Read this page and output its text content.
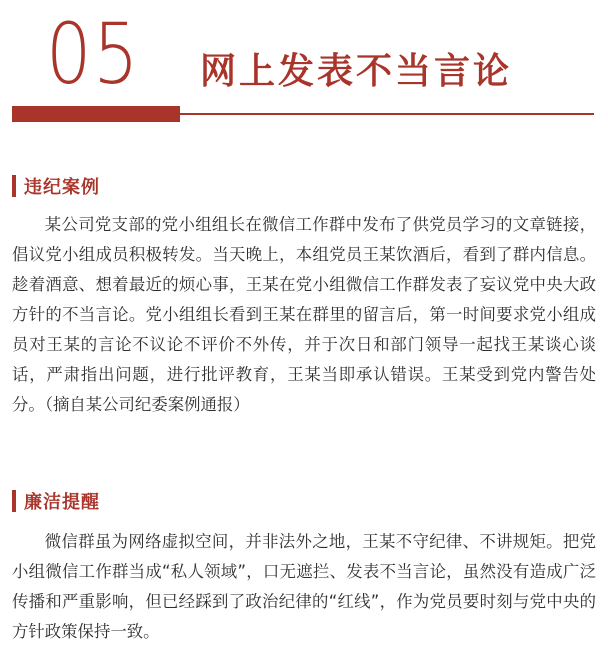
05 网上发表不当言论
违纪案例

某公司党支部的党小组组长在微信工作群中发布了供党员学习的文章链接，倡议党小组成员积极转发。当天晚上，本组党员王某饮酒后，看到了群内信息。趁着酒意、想着最近的烦心事，王某在党小组微信工作群发表了妄议党中央大政方针的不当言论。党小组组长看到王某在群里的留言后，第一时间要求党小组成员对王某的言论不议论不评价不外传，并于次日和部门领导一起找王某谈心谈话，严肃指出问题，进行批评教育，王某当即承认错误。王某受到党内警告处分。（摘自某公司纪委案例通报）

廉洁提醒

微信群虽为网络虚拟空间，并非法外之地，王某不守纪律、不讲规矩。把党小组微信工作群当成“私人领域”，口无遮拦、发表不当言论，虽然没有造成广泛传播和严重影响，但已经踩到了政治纪律的“红线”，作为党员要时刻与党中央的方针政策保持一致。
